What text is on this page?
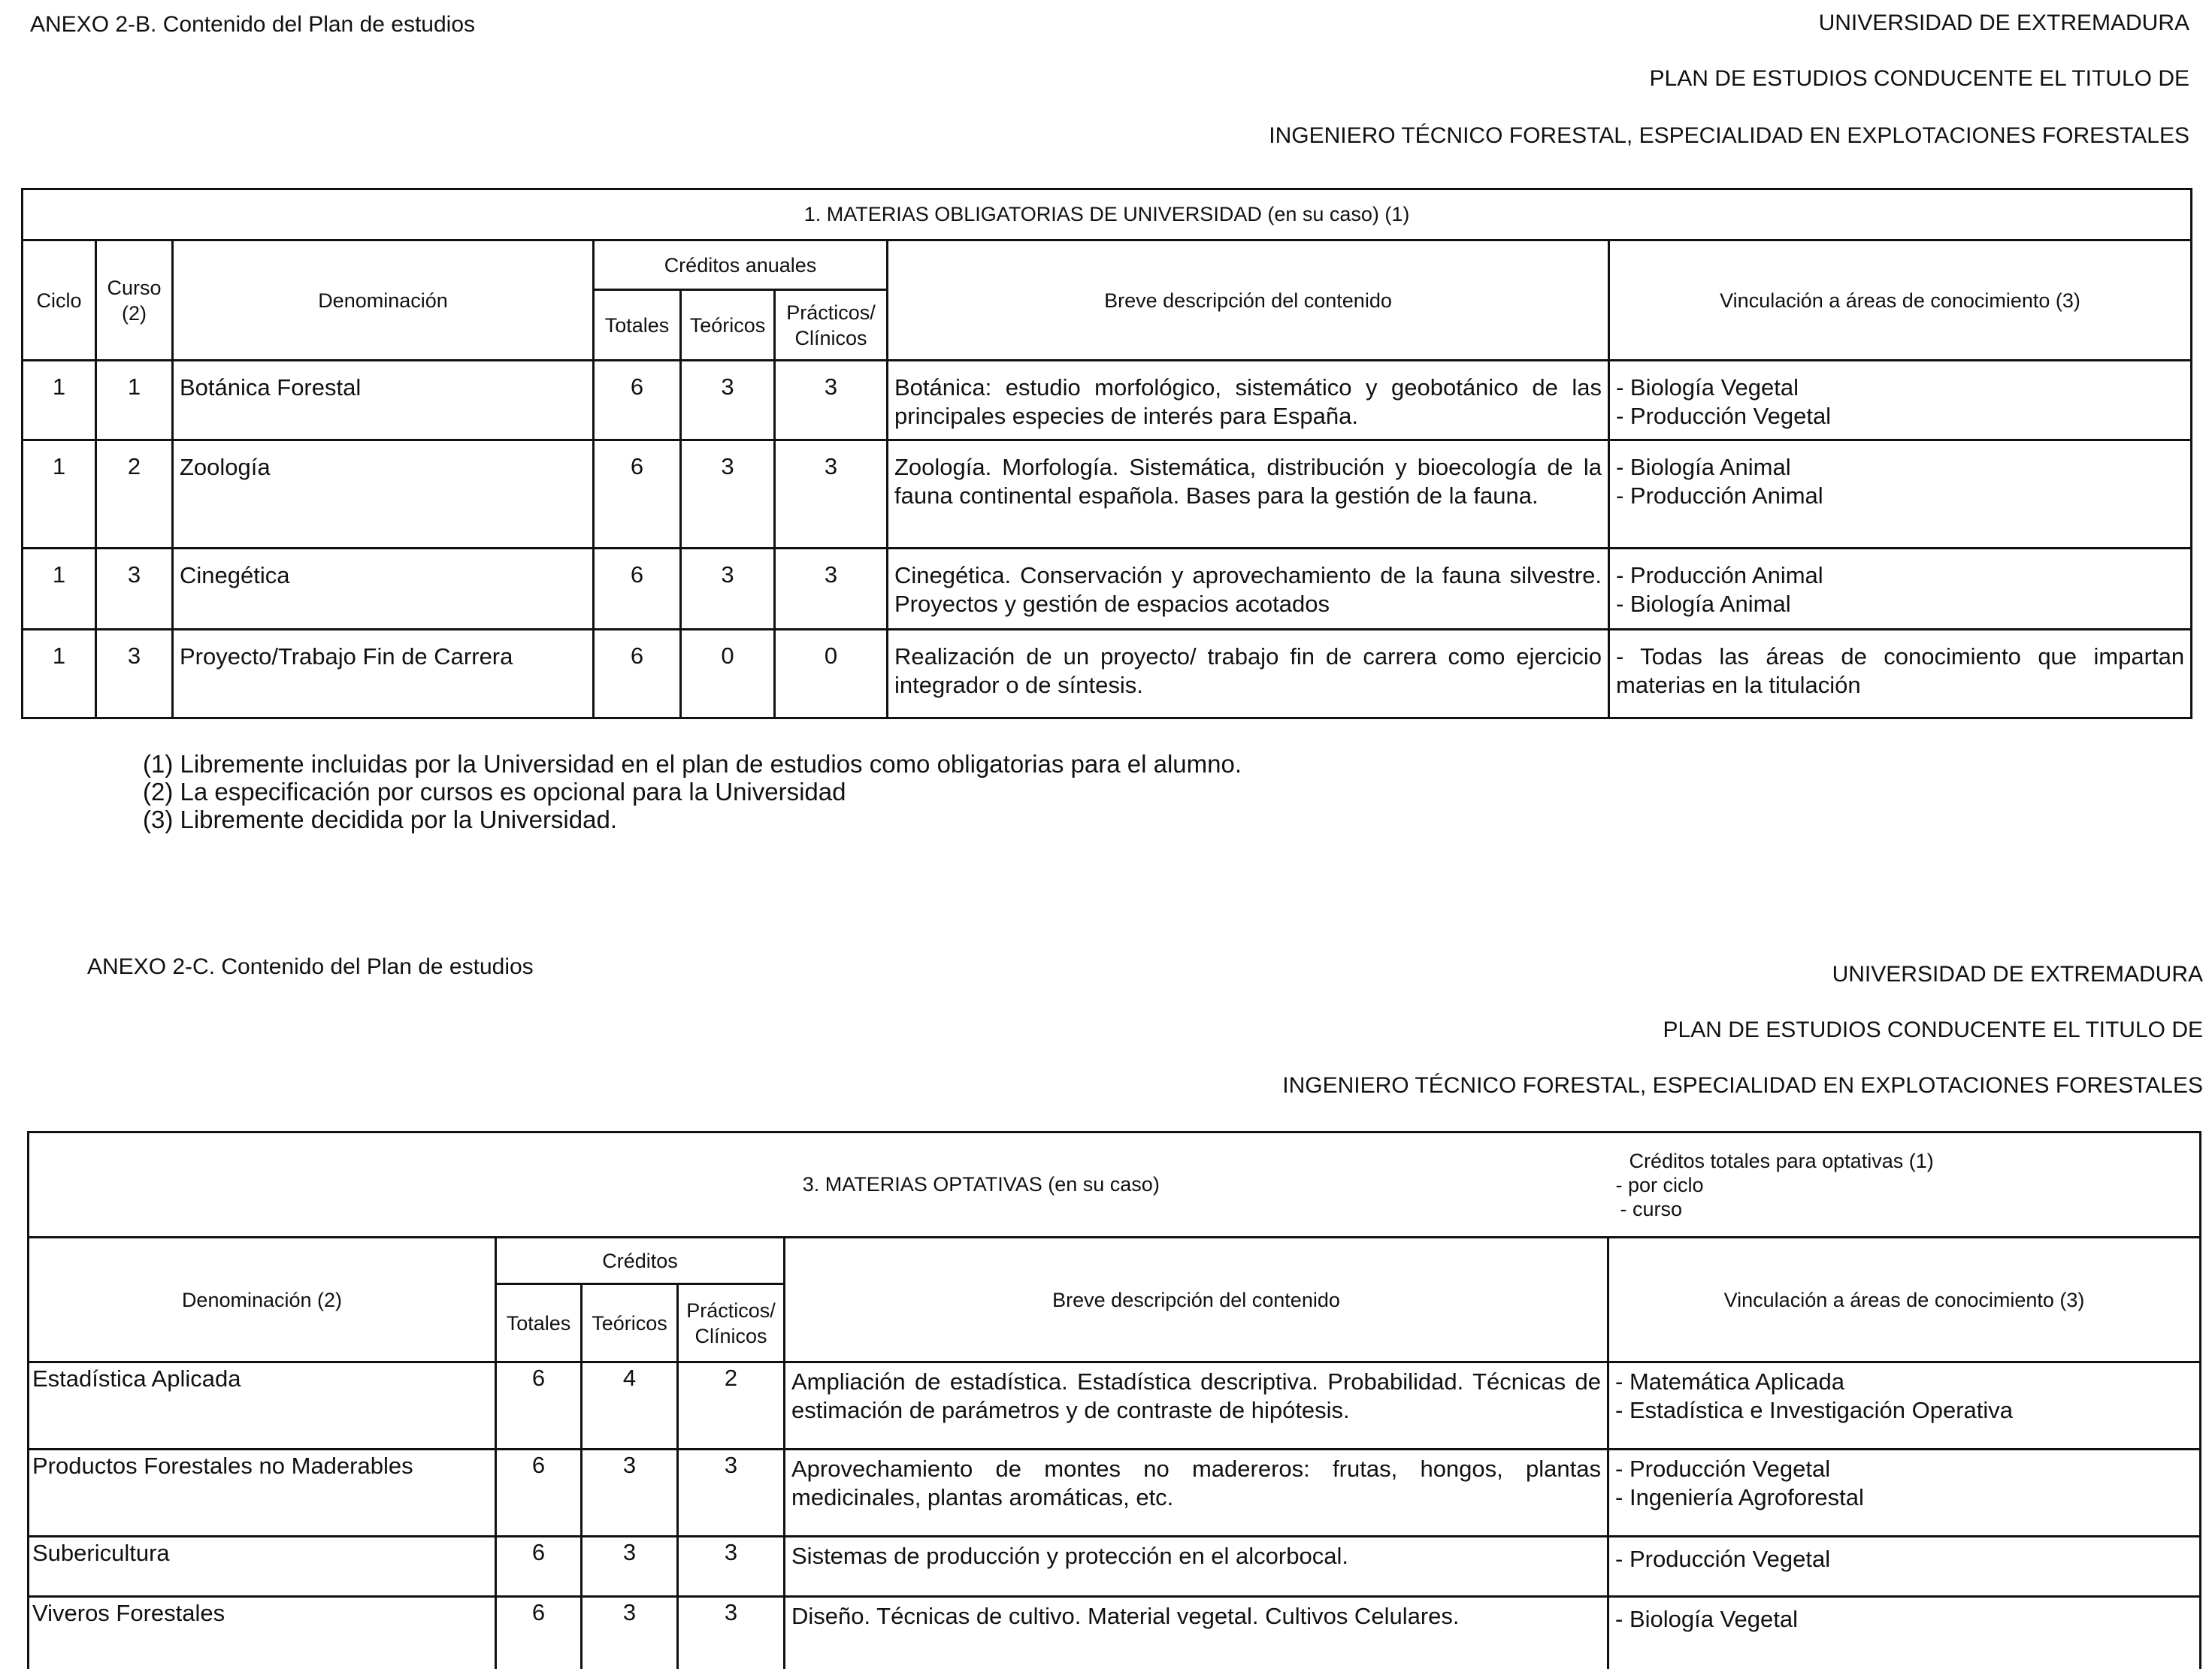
ANEXO 2-B. Contenido del Plan de estudios	UNIVERSIDAD DE EXTREMADURA
PLAN DE ESTUDIOS CONDUCENTE EL TITULO DE
INGENIERO TÉCNICO FORESTAL, ESPECIALIDAD EN EXPLOTACIONES FORESTALES
1. MATERIAS OBLIGATORIAS DE UNIVERSIDAD (en su caso) (1)							
Ciclo	Curso (2)	Denominación	Créditos anuales			Breve descripción del contenido	Vinculación a áreas de conocimiento (3)
			Totales	Teóricos	Prácticos/ Clínicos		
1	1	Botánica Forestal	6	3	3	Botánica: estudio morfológico, sistemático y geobotánico de las principales especies de interés para España.	- Biología Vegetal
- Producción Vegetal

1	2	Zoología	6	3	3	Zoología. Morfología. Sistemática, distribución y bioecología de la fauna continental española. Bases para la gestión de la fauna.	- Biología Animal
- Producción Animal

1	3	Cinegética	6	3	3	Cinegética. Conservación y aprovechamiento de la fauna silvestre. Proyectos y gestión de espacios acotados	- Producción Animal
- Biología Animal

1	3	Proyecto/Trabajo Fin de Carrera	6	0	0	Realización de un proyecto/ trabajo fin de carrera como ejercicio integrador o de síntesis.	- Todas las áreas de conocimiento que impartan materias en la titulación
(1) Libremente incluidas por la Universidad en el plan de estudios como obligatorias para el alumno.
(2) La especificación por cursos es opcional para la Universidad
(3) Libremente decidida por la Universidad.
ANEXO 2-C. Contenido del Plan de estudios	UNIVERSIDAD DE EXTREMADURA
PLAN DE ESTUDIOS CONDUCENTE EL TITULO DE
INGENIERO TÉCNICO FORESTAL, ESPECIALIDAD EN EXPLOTACIONES FORESTALES
3. MATERIAS OPTATIVAS (en su caso)					Créditos totales para optativas (1)
- por ciclo
- curso

Denominación (2)	Créditos			Breve descripción del contenido	Vinculación a áreas de conocimiento (3)
	Totales	Teóricos	Prácticos/ Clínicos		
Estadística Aplicada	6	4	2	Ampliación de estadística. Estadística descriptiva. Probabilidad. Técnicas de estimación de parámetros y de contraste de hipótesis.	- Matemática Aplicada
- Estadística e Investigación Operativa

Productos Forestales no Maderables	6	3	3	Aprovechamiento de montes no madereros: frutas, hongos, plantas medicinales, plantas aromáticas, etc.	- Producción Vegetal
- Ingeniería Agroforestal

Subericultura	6	3	3	Sistemas de producción y protección en el alcorbocal.	- Producción Vegetal

Viveros Forestales	6	3	3	Diseño. Técnicas de cultivo. Material vegetal. Cultivos Celulares.	- Biología Vegetal
